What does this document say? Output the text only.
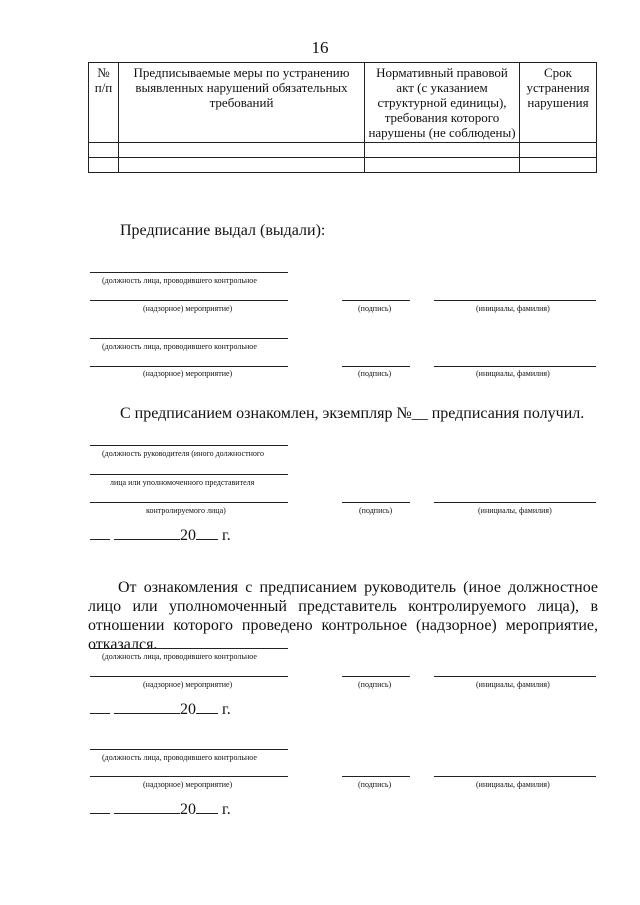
16
№ п/п	Предписываемые меры по устранению выявленных нарушений обязательных требований	Нормативный правовой акт (с указанием структурной единицы), требования которого нарушены (не соблюдены)	Срок устранения нарушения

Предписание выдал (выдали):
(должность лица, проводившего контрольное
(надзорное) мероприятие)	(подпись)	(инициалы, фамилия)
(должность лица, проводившего контрольное
(надзорное) мероприятие)	(подпись)	(инициалы, фамилия)
С предписанием ознакомлен, экземпляр №__ предписания получил.
(должность руководителя (иного должностного
лица или уполномоченного представителя
контролируемого лица)	(подпись)	(инициалы, фамилия)
20 г.
От ознакомления с предписанием руководитель (иное должностное лицо или уполномоченный представитель контролируемого лица), в отношении которого проведено контрольное (надзорное) мероприятие, отказался.
(должность лица, проводившего контрольное
(надзорное) мероприятие)	(подпись)	(инициалы, фамилия)
20 г.
(должность лица, проводившего контрольное
(надзорное) мероприятие)	(подпись)	(инициалы, фамилия)
20 г.
